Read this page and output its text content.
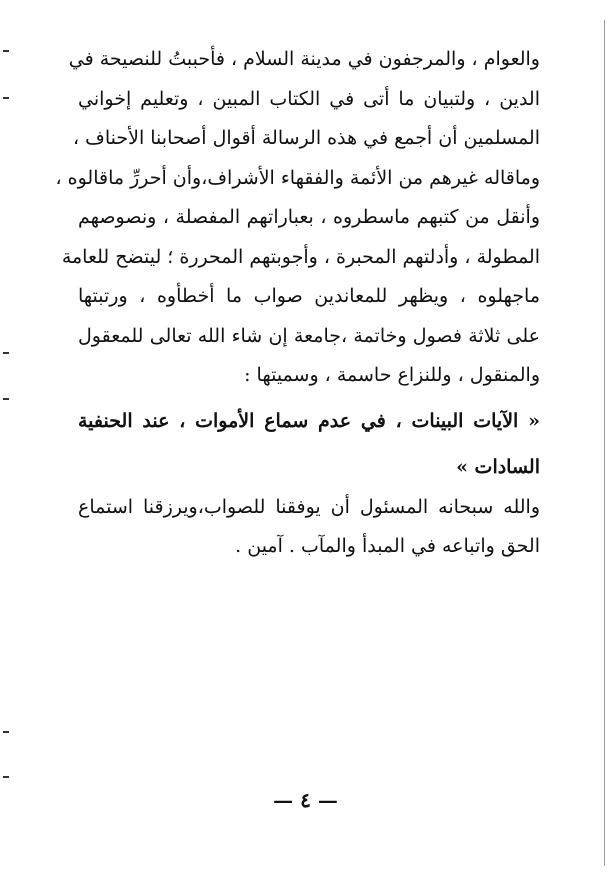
والعوام ، والمرجفون في مدينة السلام ، فأحببتُ للنصيحة في
الدين ، ولتبيان ما أتى في الكتاب المبين ، وتعليم إخواني
المسلمين أن أجمع في هذه الرسالة أقوال أصحابنا الأحناف ،
وماقاله غيرهم من الأئمة والفقهاء الأشراف،وأن أحررِّ ماقالوه ،
وأنقل من كتبهم ماسطروه ، بعباراتهم المفصلة ، ونصوصهم
المطولة ، وأدلتهم المحبرة ، وأجوبتهم المحررة ؛ ليتضح للعامة
ماجهلوه ، ويظهر للمعاندين صواب ما أخطأوه ، ورتبتها
على ثلاثة فصول وخاتمة ،جامعة إن شاء الله تعالى للمعقول
والمنقول ، وللنزاع حاسمة ، وسميتها :
« الآيات البينات ، في عدم سماع الأموات ، عند الحنفية
السادات »
والله سبحانه المسئول أن يوفقنا للصواب،ويرزقنا استماع
الحق واتباعه في المبدأ والمآب . آمين .
— ٤ —
